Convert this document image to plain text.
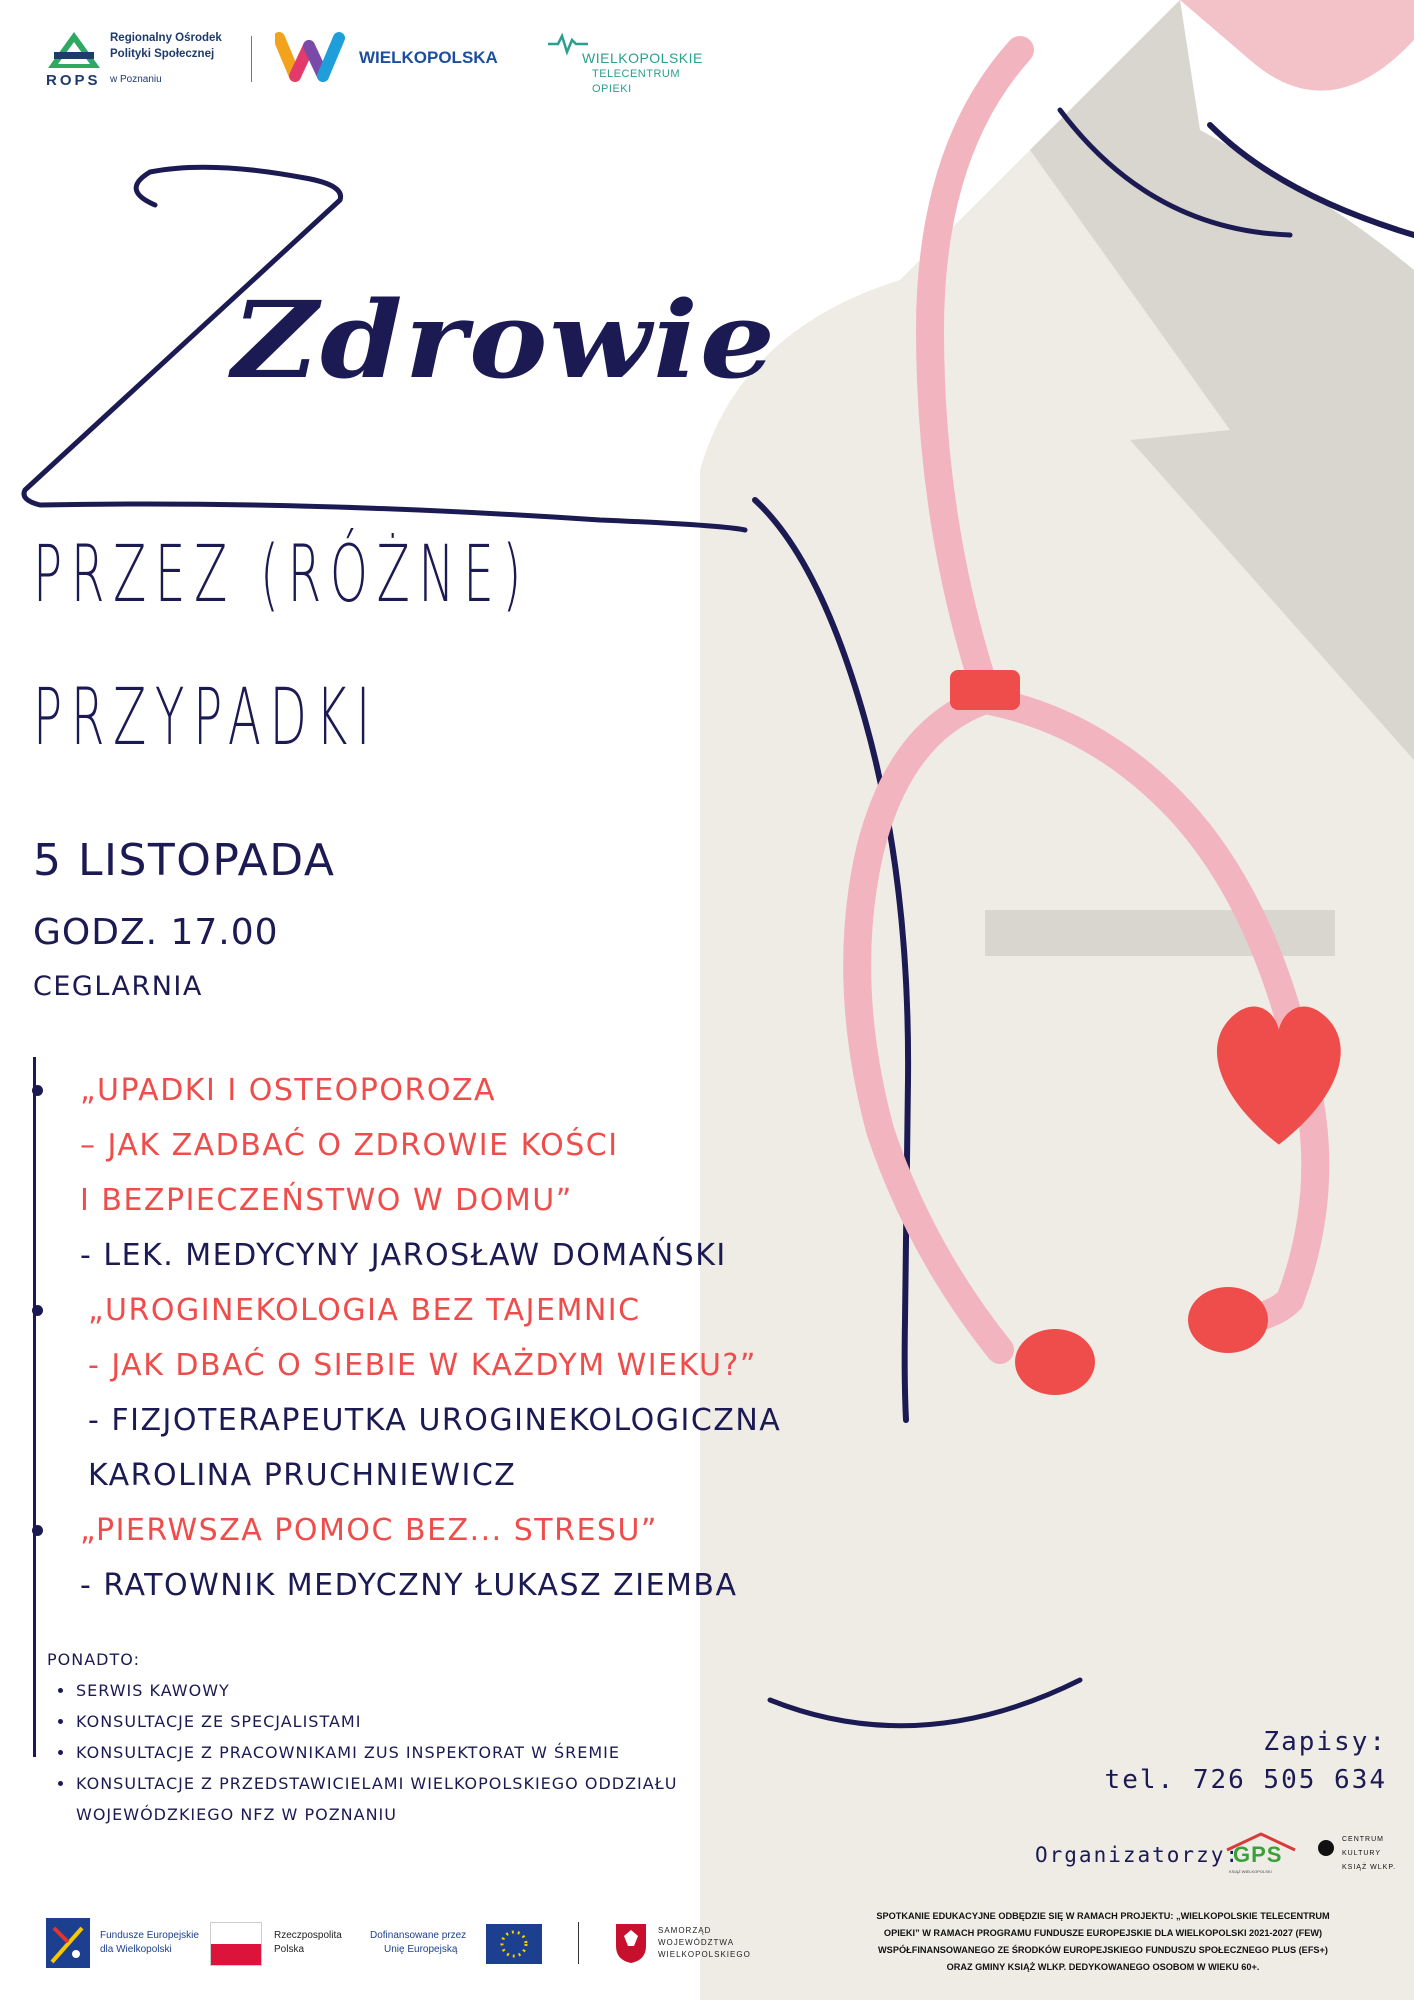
ROPS
Regionalny Ośrodek
Polityki Społecznej
w Poznaniu
WIELKOPOLSKA	WIELKOPOLSKIE
TELECENTRUM
OPIEKI
Zdrowie
PRZEZ (RÓŻNE)
PRZYPADKI
5 LISTOPADA
GODZ. 17.00
CEGLARNIA
„UPADKI I OSTEOPOROZA
– JAK ZADBAĆ O ZDROWIE KOŚCI
I BEZPIECZEŃSTWO W DOMU”
- LEK. MEDYCYNY JAROSŁAW DOMAŃSKI
„UROGINEKOLOGIA BEZ TAJEMNIC
- JAK DBAĆ O SIEBIE W KAŻDYM WIEKU?”
- FIZJOTERAPEUTKA UROGINEKOLOGICZNA
KAROLINA PRUCHNIEWICZ
„PIERWSZA POMOC BEZ... STRESU”
- RATOWNIK MEDYCZNY ŁUKASZ ZIEMBA
PONADTO:
SERWIS KAWOWY
KONSULTACJE ZE SPECJALISTAMI
KONSULTACJE Z PRACOWNIKAMI ZUS INSPEKTORAT W ŚREMIE
KONSULTACJE Z PRZEDSTAWICIELAMI WIELKOPOLSKIEGO ODDZIAŁU
WOJEWÓDZKIEGO NFZ W POZNANIU
Zapisy:
tel. 726 505 634
Organizatorzy:
GPS
KSIĄŻ WIELKOPOLSKI
CENTRUM
KULTURY
KSIĄŻ WLKP.
Fundusze Europejskie
dla Wielkopolski
Rzeczpospolita
Polska
Dofinansowane przez
Unię Europejską
SAMORZĄD
WOJEWÓDZTWA
WIELKOPOLSKIEGO
SPOTKANIE EDUKACYJNE ODBĘDZIE SIĘ W RAMACH PROJEKTU: „WIELKOPOLSKIE TELECENTRUM
OPIEKI” W RAMACH PROGRAMU FUNDUSZE EUROPEJSKIE DLA WIELKOPOLSKI 2021-2027 (FEW)
WSPÓŁFINANSOWANEGO ZE ŚRODKÓW EUROPEJSKIEGO FUNDUSZU SPOŁECZNEGO PLUS (EFS+)
ORAZ GMINY KSIĄŻ WLKP. DEDYKOWANEGO OSOBOM W WIEKU 60+.
